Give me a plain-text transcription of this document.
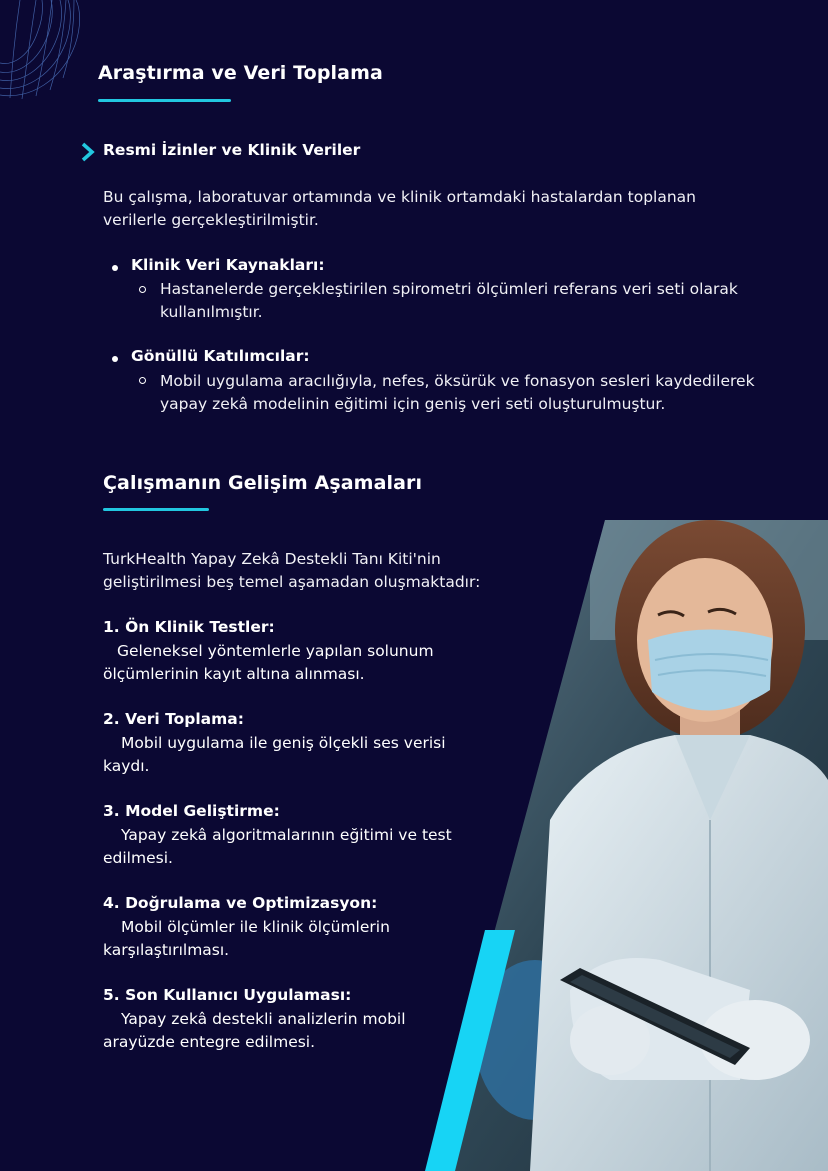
Araştırma ve Veri Toplama
Resmi İzinler ve Klinik Veriler
Bu çalışma, laboratuvar ortamında ve klinik ortamdaki hastalardan toplanan verilerle gerçekleştirilmiştir.
Klinik Veri Kaynakları:
Hastanelerde gerçekleştirilen spirometri ölçümleri referans veri seti olarak kullanılmıştır.
Gönüllü Katılımcılar:
Mobil uygulama aracılığıyla, nefes, öksürük ve fonasyon sesleri kaydedilerek yapay zekâ modelinin eğitimi için geniş veri seti oluşturulmuştur.
Çalışmanın Gelişim Aşamaları
TurkHealth Yapay Zekâ Destekli Tanı Kiti'nin geliştirilmesi beş temel aşamadan oluşmaktadır:
1. Ön Klinik Testler:
Geleneksel yöntemlerle yapılan solunum ölçümlerinin kayıt altına alınması.
2. Veri Toplama:
Mobil uygulama ile geniş ölçekli ses verisi kaydı.
3. Model Geliştirme:
Yapay zekâ algoritmalarının eğitimi ve test edilmesi.
4. Doğrulama ve Optimizasyon:
Mobil ölçümler ile klinik ölçümlerin karşılaştırılması.
5. Son Kullanıcı Uygulaması:
Yapay zekâ destekli analizlerin mobil arayüzde entegre edilmesi.
